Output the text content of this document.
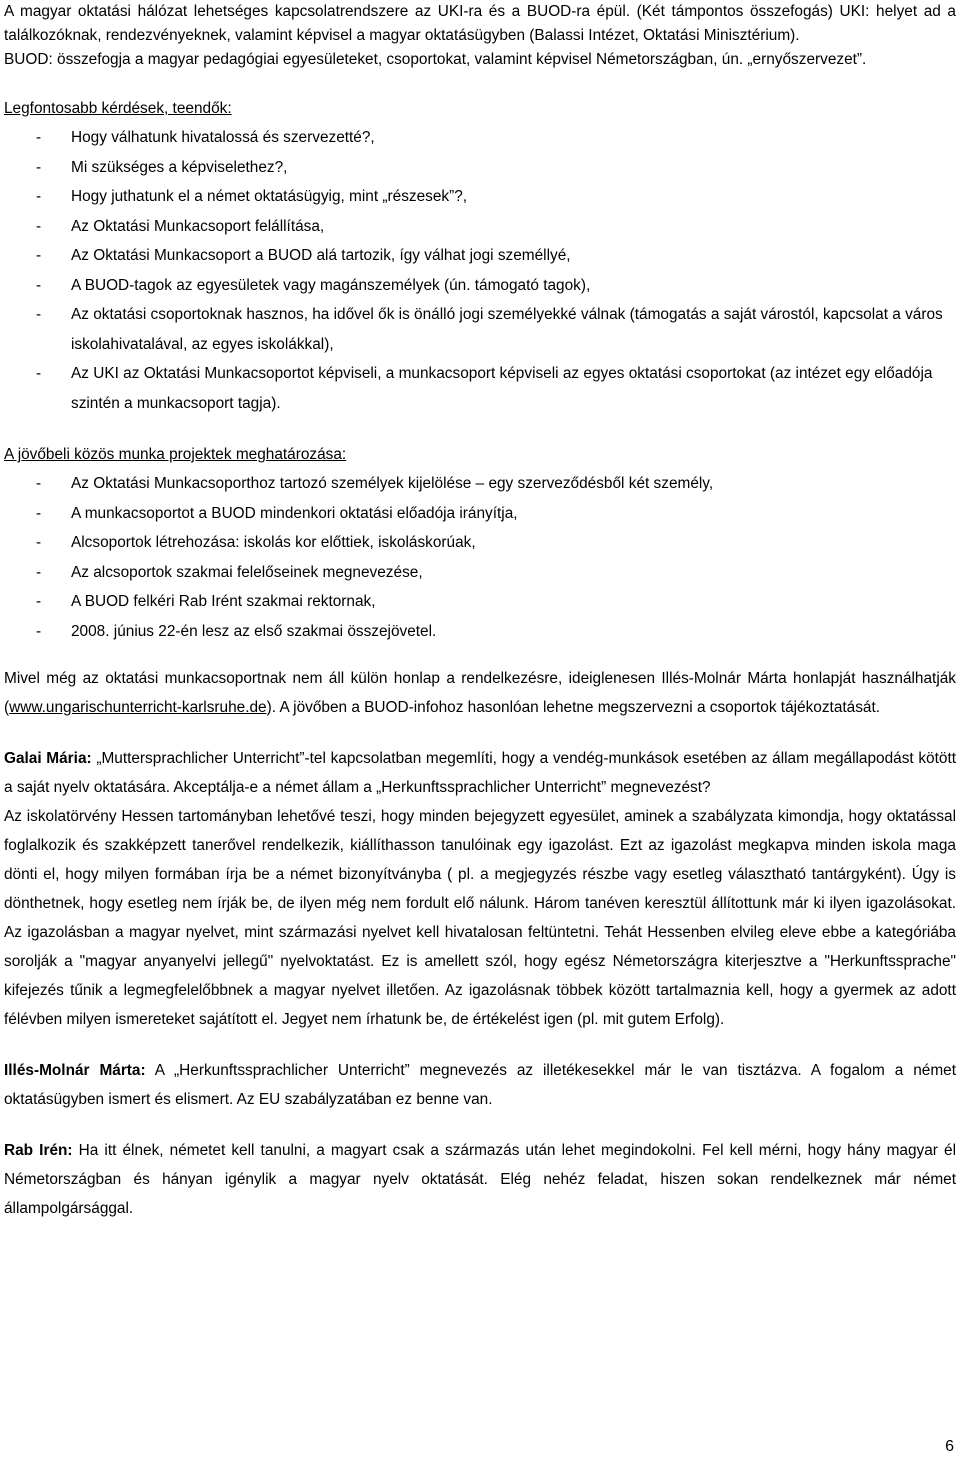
A magyar oktatási hálózat lehetséges kapcsolatrendszere az UKI-ra és a BUOD-ra épül. (Két támpontos összefogás) UKI: helyet ad a találkozóknak, rendezvényeknek, valamint képvisel a magyar oktatásügyben (Balassi Intézet, Oktatási Minisztérium).

BUOD: összefogja a magyar pedagógiai egyesületeket, csoportokat, valamint képvisel Németországban, ún. „ernyőszervezet”.

Legfontosabb kérdések, teendők:

- Hogy válhatunk hivatalossá és szervezetté?,
- Mi szükséges a képviselethez?,
- Hogy juthatunk el a német oktatásügyig, mint „részesek”?,
- Az Oktatási Munkacsoport felállítása,
- Az Oktatási Munkacsoport a BUOD alá tartozik, így válhat jogi személlyé,
- A BUOD-tagok az egyesületek vagy magánszemélyek (ún. támogató tagok),
- Az oktatási csoportoknak hasznos, ha idővel ők is önálló jogi személyekké válnak (támogatás a saját várostól, kapcsolat a város iskolahivatalával, az egyes iskolákkal),
- Az UKI az Oktatási Munkacsoportot képviseli, a munkacsoport képviseli az egyes oktatási csoportokat (az intézet egy előadója szintén a munkacsoport tagja).

A jövőbeli közös munka projektek meghatározása:

- Az Oktatási Munkacsoporthoz tartozó személyek kijelölése – egy szerveződésből két személy,
- A munkacsoportot a BUOD mindenkori oktatási előadója irányítja,
- Alcsoportok létrehozása: iskolás kor előttiek, iskoláskorúak,
- Az alcsoportok szakmai felelőseinek megnevezése,
- A BUOD felkéri Rab Irént szakmai rektornak,
- 2008. június 22-én lesz az első szakmai összejövetel.

Mivel még az oktatási munkacsoportnak nem áll külön honlap a rendelkezésre, ideiglenesen Illés-Molnár Márta honlapját használhatják (www.ungarischunterricht-karlsruhe.de). A jövőben a BUOD-infohoz hasonlóan lehetne megszervezni a csoportok tájékoztatását.

Galai Mária: „Muttersprachlicher Unterricht”-tel kapcsolatban megemlíti, hogy a vendég-munkások esetében az állam megállapodást kötött a saját nyelv oktatására. Akceptálja-e a német állam a „Herkunftssprachlicher Unterricht” megnevezést?

Az iskolatörvény Hessen tartományban lehetővé teszi, hogy minden bejegyzett egyesület, aminek a szabályzata kimondja, hogy oktatással foglalkozik és szakképzett tanerővel rendelkezik, kiállíthasson tanulóinak egy igazolást. Ezt az igazolást megkapva minden iskola maga dönti el, hogy milyen formában írja be a német bizonyítványba ( pl. a megjegyzés részbe vagy esetleg választható tantárgyként). Úgy is dönthetnek, hogy esetleg nem írják be, de ilyen még nem fordult elő nálunk. Három tanéven keresztül állítottunk már ki ilyen igazolásokat. Az igazolásban a magyar nyelvet, mint származási nyelvet kell hivatalosan feltüntetni. Tehát Hessenben elvileg eleve ebbe a kategóriába sorolják a "magyar anyanyelvi jellegű" nyelvoktatást. Ez is amellett szól, hogy egész Németországra kiterjesztve a "Herkunftssprache" kifejezés tűnik a legmegfelelőbbnek a magyar nyelvet illetően. Az igazolásnak többek között tartalmaznia kell, hogy a gyermek az adott félévben milyen ismereteket sajátított el. Jegyet nem írhatunk be, de értékelést igen (pl. mit gutem Erfolg).

Illés-Molnár Márta: A „Herkunftssprachlicher Unterricht” megnevezés az illetékesekkel már le van tisztázva. A fogalom a német oktatásügyben ismert és elismert. Az EU szabályzatában ez benne van.

Rab Irén: Ha itt élnek, németet kell tanulni, a magyart csak a származás után lehet megindokolni. Fel kell mérni, hogy hány magyar él Németországban és hányan igénylik a magyar nyelv oktatását. Elég nehéz feladat, hiszen sokan rendelkeznek már német állampolgársággal.

6
